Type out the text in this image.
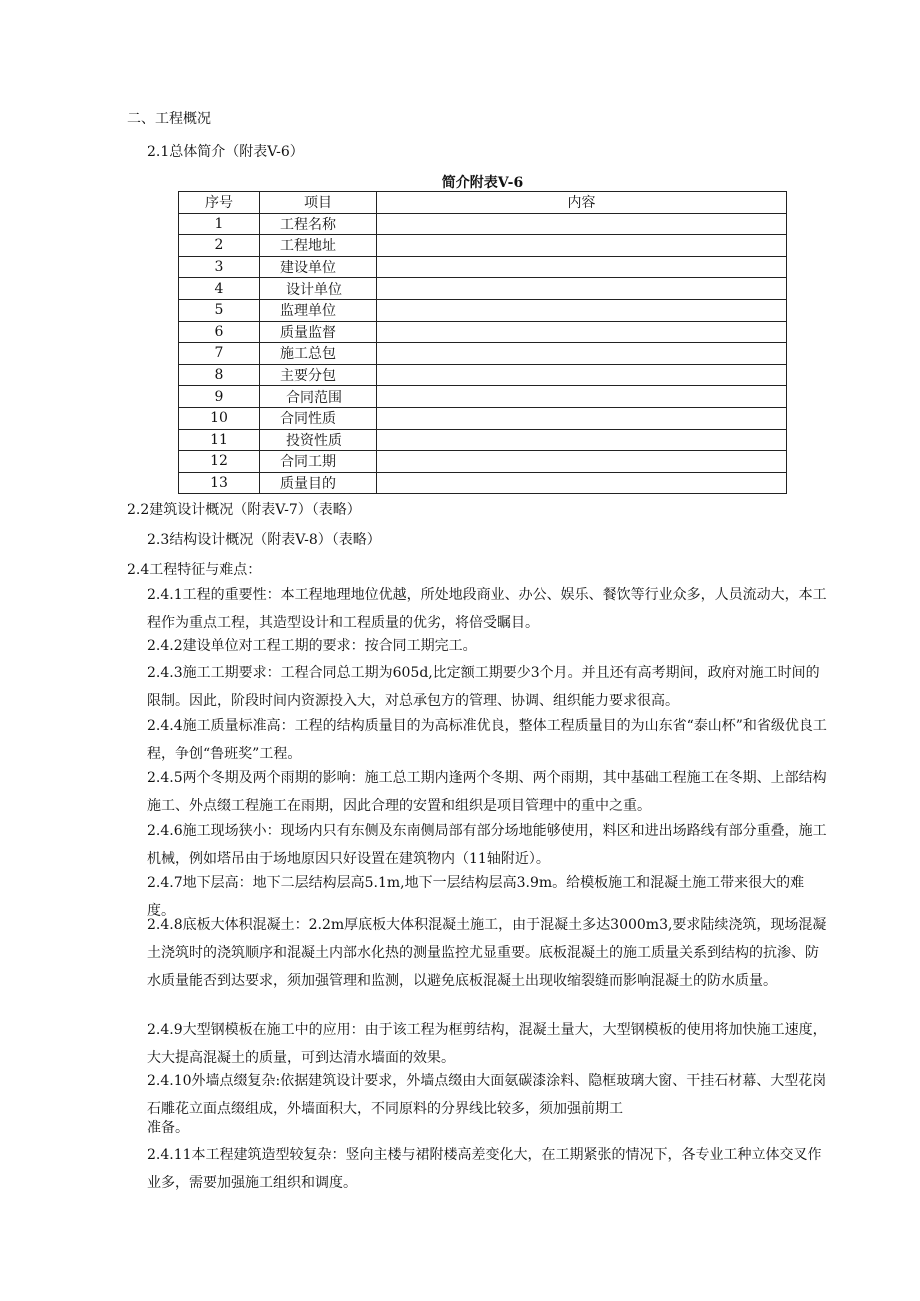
二、工程概况
2.1总体简介（附表V-6）
简介附表V-6
序号	项目	内容
1	工程名称	
2	工程地址	
3	建设单位	
4	设计单位	
5	监理单位	
6	质量监督	
7	施工总包	
8	主要分包	
9	合同范围	
10	合同性质	
11	投资性质	
12	合同工期	
13	质量目的	
2.2建筑设计概况（附表V-7）（表略）
2.3结构设计概况（附表V-8）（表略）
2.4工程特征与难点：
2.4.1工程的重要性：本工程地理地位优越，所处地段商业、办公、娱乐、餐饮等行业众多，人员流动大，本工程作为重点工程，其造型设计和工程质量的优劣，将倍受瞩目。
2.4.2建设单位对工程工期的要求：按合同工期完工。
2.4.3施工工期要求：工程合同总工期为605d,比定额工期要少3个月。并且还有高考期间，政府对施工时间的限制。因此，阶段时间内资源投入大，对总承包方的管理、协调、组织能力要求很高。
2.4.4施工质量标准高：工程的结构质量目的为高标准优良，整体工程质量目的为山东省“泰山杯”和省级优良工程，争创“鲁班奖”工程。
2.4.5两个冬期及两个雨期的影响：施工总工期内逢两个冬期、两个雨期，其中基础工程施工在冬期、上部结构施工、外点缀工程施工在雨期，因此合理的安置和组织是项目管理中的重中之重。
2.4.6施工现场狭小：现场内只有东侧及东南侧局部有部分场地能够使用，料区和进出场路线有部分重叠，施工机械，例如塔吊由于场地原因只好设置在建筑物内（11轴附近）。
2.4.7地下层高：地下二层结构层高5.1m,地下一层结构层高3.9m。给模板施工和混凝土施工带来很大的难度。
2.4.8底板大体积混凝土：2.2m厚底板大体积混凝土施工，由于混凝土多达3000m3,要求陆续浇筑，现场混凝土浇筑时的浇筑顺序和混凝土内部水化热的测量监控尤显重要。底板混凝土的施工质量关系到结构的抗渗、防水质量能否到达要求，须加强管理和监测，以避免底板混凝土出现收缩裂缝而影响混凝土的防水质量。
2.4.9大型钢模板在施工中的应用：由于该工程为框剪结构，混凝土量大，大型钢模板的使用将加快施工速度，大大提高混凝土的质量，可到达清水墙面的效果。
2.4.10外墙点缀复杂:依据建筑设计要求，外墙点缀由大面氨碳漆涂料、隐框玻璃大窗、干挂石材幕、大型花岗石雕花立面点缀组成，外墙面积大，不同原料的分界线比较多，须加强前期工
准备。
2.4.11本工程建筑造型较复杂：竖向主楼与裙附楼高差变化大，在工期紧张的情况下，各专业工种立体交叉作业多，需要加强施工组织和调度。
